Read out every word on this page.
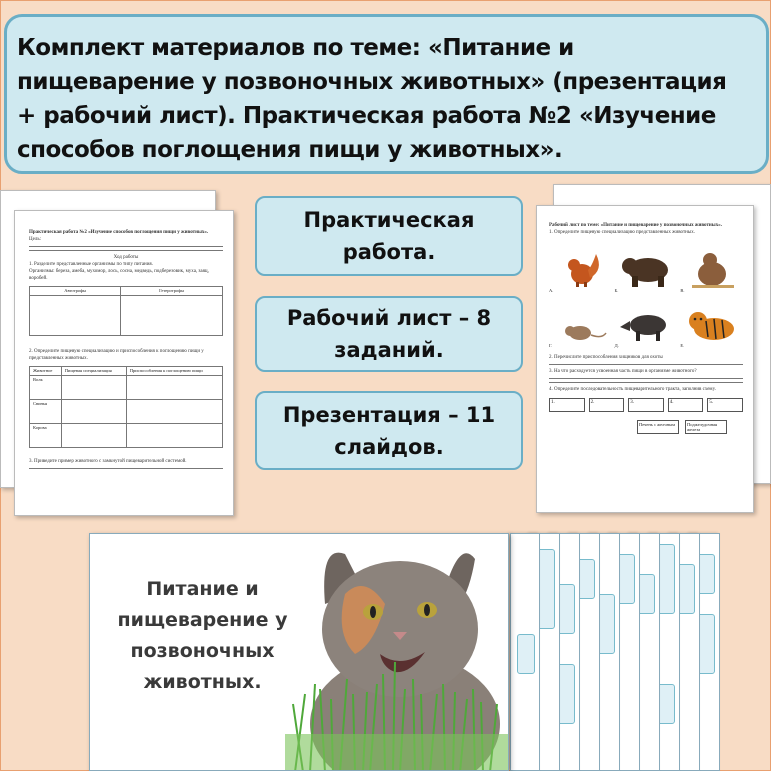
Комплект материалов по теме: «Питание и

пищеварение у позвоночных животных» (презентация

+ рабочий лист). Практическая работа №2 «Изучение

способов поглощения пищи у животных».

Практическая работа №2 «Изучение способов поглощения пищи у животных».
Цель:
Ход работы
1. Разделите представленные организмы по типу питания.
Организмы: береза, амеба, мухомор, лось, сосна, медведь, подберезовик, муха, заяц, воробей.
Автотрофы	Гетеротрофы

2. Определите пищевую специализацию и приспособления к поглощению пищи у представленных животных.
Животное	Пищевая специализация	Приспособления к поглощению пищи
Волк		
Свинья		
Корова		
3. Приведите пример животного с замкнутой пищеварительной системой.
Практическая
работа.
Рабочий лист – 8
заданий.
Презентация – 11
слайдов.
Рабочий лист по теме: «Питание и пищеварение у позвоночных животных».
1. Определите пищевую специализацию представленных животных.
А.	Б.	В.
Г.	Д.	Е.
2. Перечислите приспособления хищников для охоты
3. На что расходуется усвоенная часть пищи в организме животного?
4. Определите последовательность пищеварительного тракта, заполнив схему.
1.	2.	3.	4.	5.
Печень с желчным	Поджелудочная железа
Питание и
пищеварение у
позвоночных
животных.
